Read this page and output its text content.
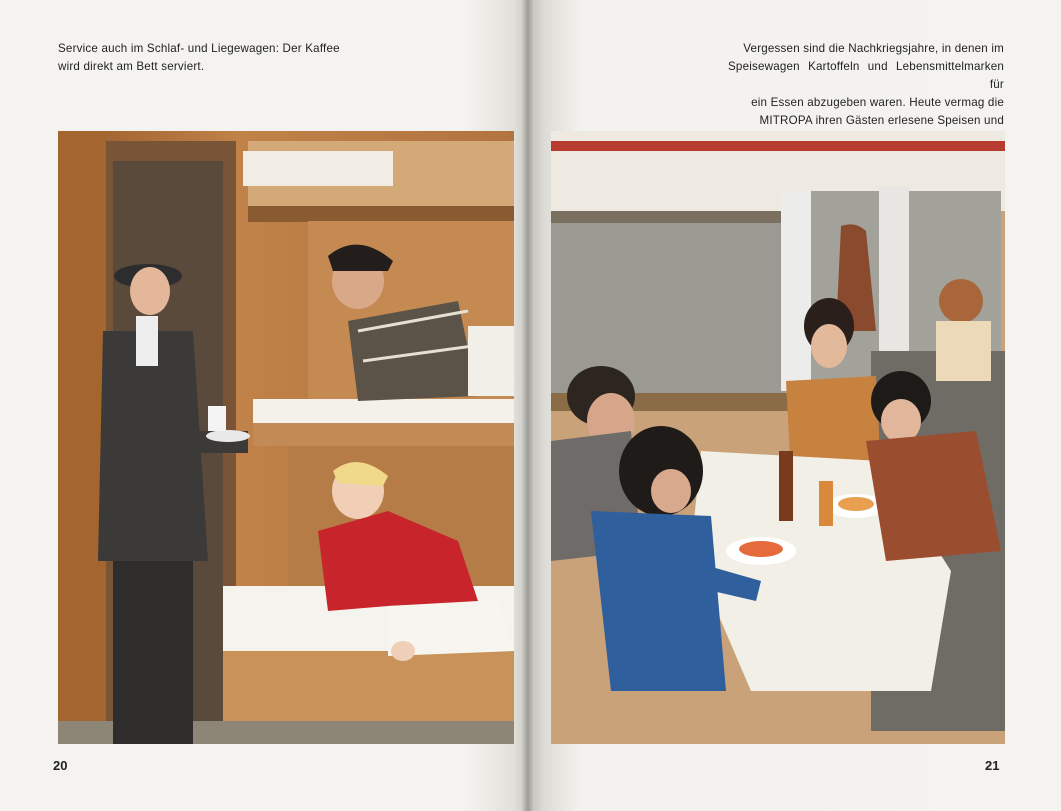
Service auch im Schlaf- und Liegewagen: Der Kaffee
wird direkt am Bett serviert.
20
Vergessen sind die Nachkriegsjahre, in denen im
Speisewagen Kartoffeln und Lebensmittelmarken für
ein Essen abzugeben waren. Heute vermag die
MITROPA ihren Gästen erlesene Speisen und
21
